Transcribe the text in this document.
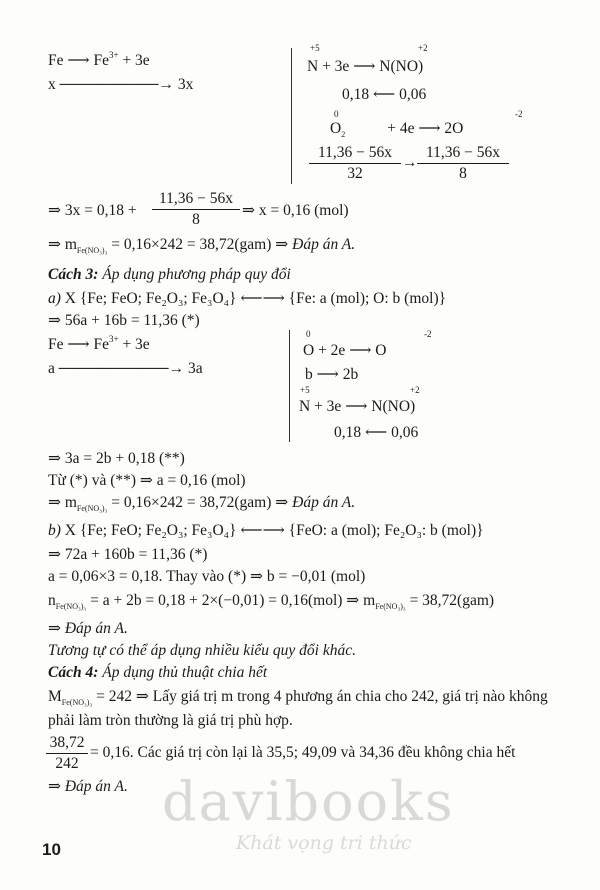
Fe ⟶ $Fe^{3+} + 3e$
x ─────────→ 3x
+5	+2
N + 3e ⟶ N(NO)
0,18 ⟵ 0,06
0	-2
$O_2$	+ 4e ⟶ 2O
11,36 − 56x
32
→
11,36 − 56x
8
⇒ 3x = 0,18 +
11,36 − 56x
8
⇒ x = 0,16 (mol)
⇒ $m_{Fe(NO_3)_3} = 0,16\times 242 = 38,72(gam)$ ⇒ Đáp án A.
Cách 3: Áp dụng phương pháp quy đổi
a) X {Fe; FeO; Fe₂O₃; Fe₃O₄} ⟵⟶ {Fe: a (mol); O: b (mol)}
⇒ 56a + 16b = 11,36 (*)
Fe ⟶ $Fe^{3+} + 3e$
a ──────────→ 3a
0	-2
O + 2e ⟶ O
b ⟶ 2b
+5	+2
N + 3e ⟶ N(NO)
0,18 ⟵ 0,06
⇒ 3a = 2b + 0,18 (**)
Từ (*) và (**) ⇒ a = 0,16 (mol)
⇒ $m_{Fe(NO_3)_3} = 0,16\times 242 = 38,72(gam)$ ⇒ Đáp án A.
b) X {Fe; FeO; Fe₂O₃; Fe₃O₄} ⟵⟶ {FeO: a (mol); Fe₂O₃: b (mol)}
⇒ 72a + 160b = 11,36 (*)
a = 0,06×3 = 0,18. Thay vào (*) ⇒ b = −0,01 (mol)
$n_{Fe(NO_3)_3} = a + 2b = 0,18 + 2\times(-0,01) = 0,16(mol)$ ⇒ $m_{Fe(NO_3)_3} = 38,72(gam)$
⇒ Đáp án A.
Tương tự có thể áp dụng nhiều kiểu quy đổi khác.
Cách 4: Áp dụng thủ thuật chia hết
$M_{Fe(NO_3)_3} = 242$ ⇒ Lấy giá trị m trong 4 phương án chia cho 242, giá trị nào không
phải làm tròn thường là giá trị phù hợp.
38,72
242
= 0,16. Các giá trị còn lại là 35,5; 49,09 và 34,36 đều không chia hết
⇒ Đáp án A. davibooks
Khát vọng tri thức
10
